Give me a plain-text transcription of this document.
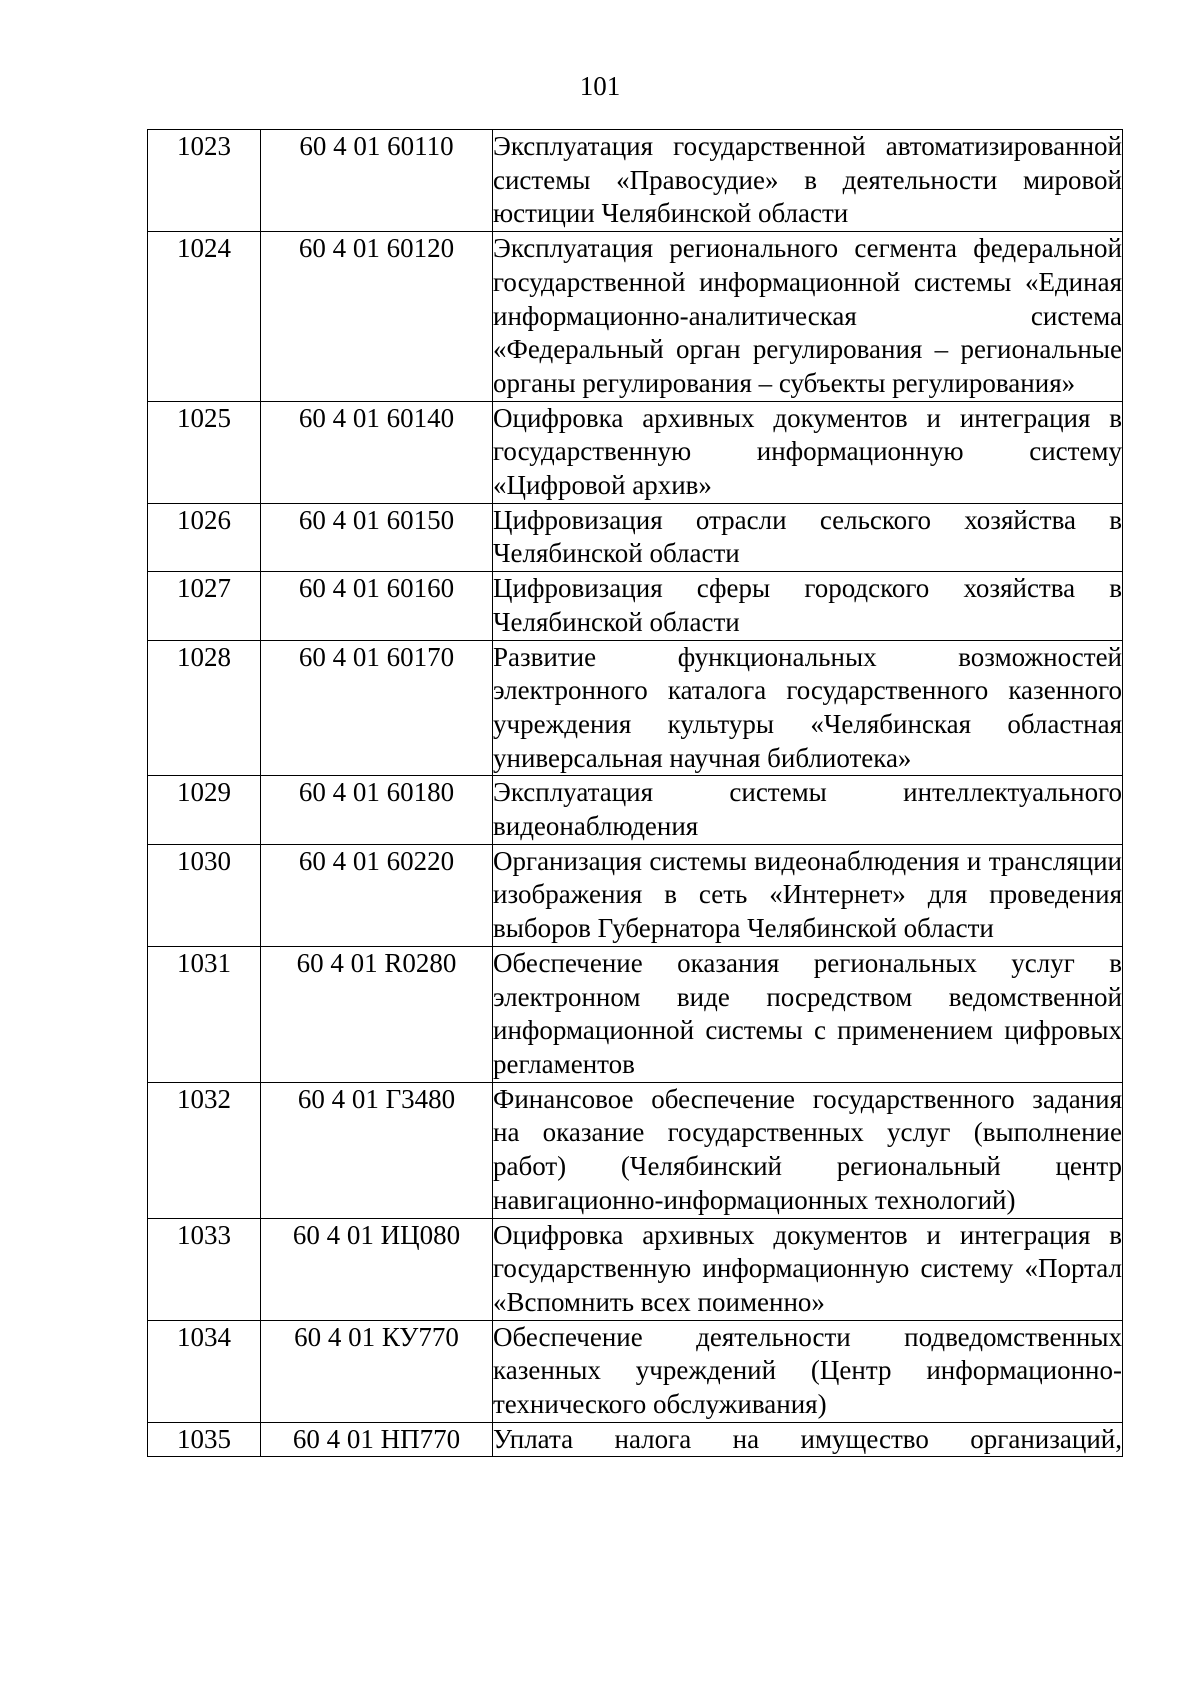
101
1023	60 4 01 60110	Эксплуатация государственной автоматизированной системы «Правосудие» в деятельности мировой юстиции Челябинской области
1024	60 4 01 60120	Эксплуатация регионального сегмента федеральной государственной информационной системы «Единая информационно-аналитическая система «Федеральный орган регулирования – региональные органы регулирования – субъекты регулирования»
1025	60 4 01 60140	Оцифровка архивных документов и интеграция в государственную информационную систему «Цифровой архив»
1026	60 4 01 60150	Цифровизация отрасли сельского хозяйства в Челябинской области
1027	60 4 01 60160	Цифровизация сферы городского хозяйства в Челябинской области
1028	60 4 01 60170	Развитие функциональных возможностей электронного каталога государственного казенного учреждения культуры «Челябинская областная универсальная научная библиотека»
1029	60 4 01 60180	Эксплуатация системы интеллектуального видеонаблюдения
1030	60 4 01 60220	Организация системы видеонаблюдения и трансляции изображения в сеть «Интернет» для проведения выборов Губернатора Челябинской области
1031	60 4 01 R0280	Обеспечение оказания региональных услуг в электронном виде посредством ведомственной информационной системы с применением цифровых регламентов
1032	60 4 01 Г3480	Финансовое обеспечение государственного задания на оказание государственных услуг (выполнение работ) (Челябинский региональный центр навигационно-информационных технологий)
1033	60 4 01 ИЦ080	Оцифровка архивных документов и интеграция в государственную информационную систему «Портал «Вспомнить всех поименно»
1034	60 4 01 КУ770	Обеспечение деятельности подведомственных казенных учреждений (Центр информационно-технического обслуживания)
1035	60 4 01 НП770	Уплата налога на имущество организаций,
